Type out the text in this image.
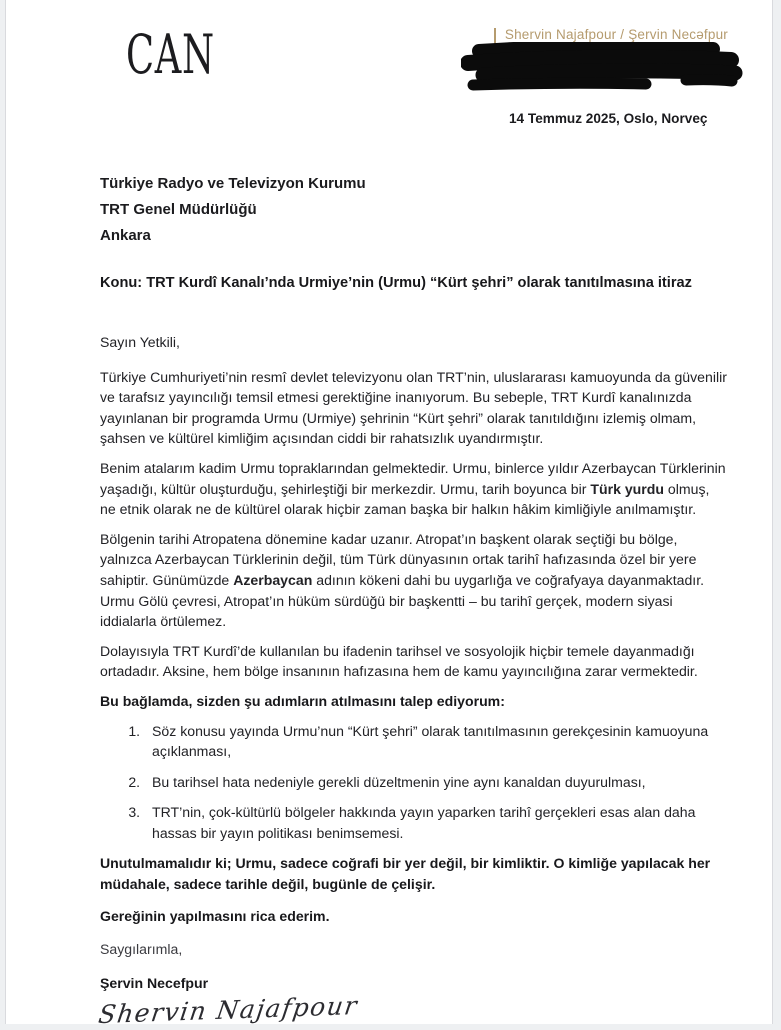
CAN	Shervin Najafpour / Şervin Necəfpur
14 Temmuz 2025, Oslo, Norveç
Türkiye Radyo ve Televizyon Kurumu
TRT Genel Müdürlüğü
Ankara
Konu: TRT Kurdî Kanalı’nda Urmiye’nin (Urmu) “Kürt şehri” olarak tanıtılmasına itiraz
Sayın Yetkili,

Türkiye Cumhuriyeti’nin resmî devlet televizyonu olan TRT’nin, uluslararası kamuoyunda da güvenilir ve tarafsız yayıncılığı temsil etmesi gerektiğine inanıyorum. Bu sebeple, TRT Kurdî kanalınızda yayınlanan bir programda Urmu (Urmiye) şehrinin “Kürt şehri” olarak tanıtıldığını izlemiş olmam, şahsen ve kültürel kimliğim açısından ciddi bir rahatsızlık uyandırmıştır.

Benim atalarım kadim Urmu topraklarından gelmektedir. Urmu, binlerce yıldır Azerbaycan Türklerinin yaşadığı, kültür oluşturduğu, şehirleştiği bir merkezdir. Urmu, tarih boyunca bir Türk yurdu olmuş, ne etnik olarak ne de kültürel olarak hiçbir zaman başka bir halkın hâkim kimliğiyle anılmamıştır.

Bölgenin tarihi Atropatena dönemine kadar uzanır. Atropat’ın başkent olarak seçtiği bu bölge, yalnızca Azerbaycan Türklerinin değil, tüm Türk dünyasının ortak tarihî hafızasında özel bir yere sahiptir. Günümüzde Azerbaycan adının kökeni dahi bu uygarlığa ve coğrafyaya dayanmaktadır. Urmu Gölü çevresi, Atropat’ın hüküm sürdüğü bir başkentti – bu tarihî gerçek, modern siyasi iddialarla örtülemez.

Dolayısıyla TRT Kurdî’de kullanılan bu ifadenin tarihsel ve sosyolojik hiçbir temele dayanmadığı ortadadır. Aksine, hem bölge insanının hafızasına hem de kamu yayıncılığına zarar vermektedir.

Bu bağlamda, sizden şu adımların atılmasını talep ediyorum:
1. Söz konusu yayında Urmu’nun “Kürt şehri” olarak tanıtılmasının gerekçesinin kamuoyuna açıklanması,
2. Bu tarihsel hata nedeniyle gerekli düzeltmenin yine aynı kanaldan duyurulması,
3. TRT’nin, çok-kültürlü bölgeler hakkında yayın yaparken tarihî gerçekleri esas alan daha hassas bir yayın politikası benimsemesi.
Unutulmamalıdır ki; Urmu, sadece coğrafi bir yer değil, bir kimliktir. O kimliğe yapılacak her müdahale, sadece tarihle değil, bugünle de çelişir.
Gereğinin yapılmasını rica ederim.
Saygılarımla,
Şervin Necefpur
Shervin Najafpour
